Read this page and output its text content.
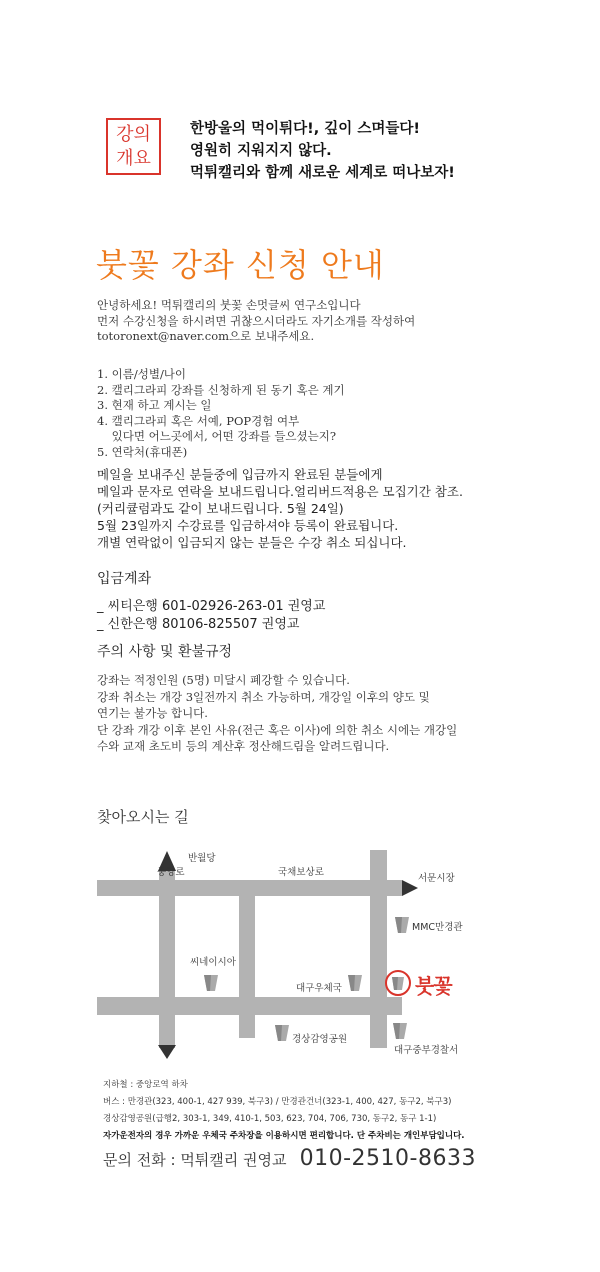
강의
개요
한방울의 먹이튀다!, 깊이 스며들다!
영원히 지워지지 않다.
먹튀캘리와 함께 새로운 세계로 떠나보자!
붓꽃 강좌 신청 안내
안녕하세요! 먹튀캘리의 붓꽃 손멋글씨 연구소입니다
먼저 수강신청을 하시려면 귀찮으시더라도 자기소개를 작성하여
totoronext@naver.com으로 보내주세요.
1. 이름/성별/나이
2. 캘리그라피 강좌를 신청하게 된 동기 혹은 계기
3. 현재 하고 계시는 일
4. 캘리그라피 혹은 서예, POP경험 여부
있다면 어느곳에서, 어떤 강좌를 들으셨는지?
5. 연락처(휴대폰)
메일을 보내주신 분들중에 입금까지 완료된 분들에게
메일과 문자로 연락을 보내드립니다.얼리버드적용은 모집기간 참조.
(커리큘럼과도 같이 보내드립니다. 5월 24일)
5월 23일까지 수강료를 입금하셔야 등록이 완료됩니다.
개별 연락없이 입금되지 않는 분들은 수강 취소 되십니다.
입금계좌
_ 씨티은행 601-02926-263-01 권영교
_ 신한은행 80106-825507 권영교
주의 사항 및 환불규정
강좌는 적정인원 (5명) 미달시 폐강할 수 있습니다.
강좌 취소는 개강 3일전까지 취소 가능하며, 개강일 이후의 양도 및
연기는 불가능 합니다.
단 강좌 개강 이후 본인 사유(전근 혹은 이사)에 의한 취소 시에는 개강일
수와 교재 초도비 등의 계산후 정산해드림을 알려드립니다.
찾아오시는 길
반월당
서문시장
중앙로	국채보상로
MMC만경관
씨네이시아
대구우체국
경상감영공원
대구중부경찰서
붓꽃
지하철 : 중앙로역 하차
버스 : 만경관(323, 400-1, 427 939, 북구3) / 만경관건너(323-1, 400, 427, 동구2, 북구3)
경상감영공원(급행2, 303-1, 349, 410-1, 503, 623, 704, 706, 730, 동구2, 동구 1-1)
자가운전자의 경우 가까운 우체국 주차장을 이용하시면 편리합니다. 단 주차비는 개인부담입니다.
문의 전화 : 먹튀캘리 권영교 010-2510-8633
